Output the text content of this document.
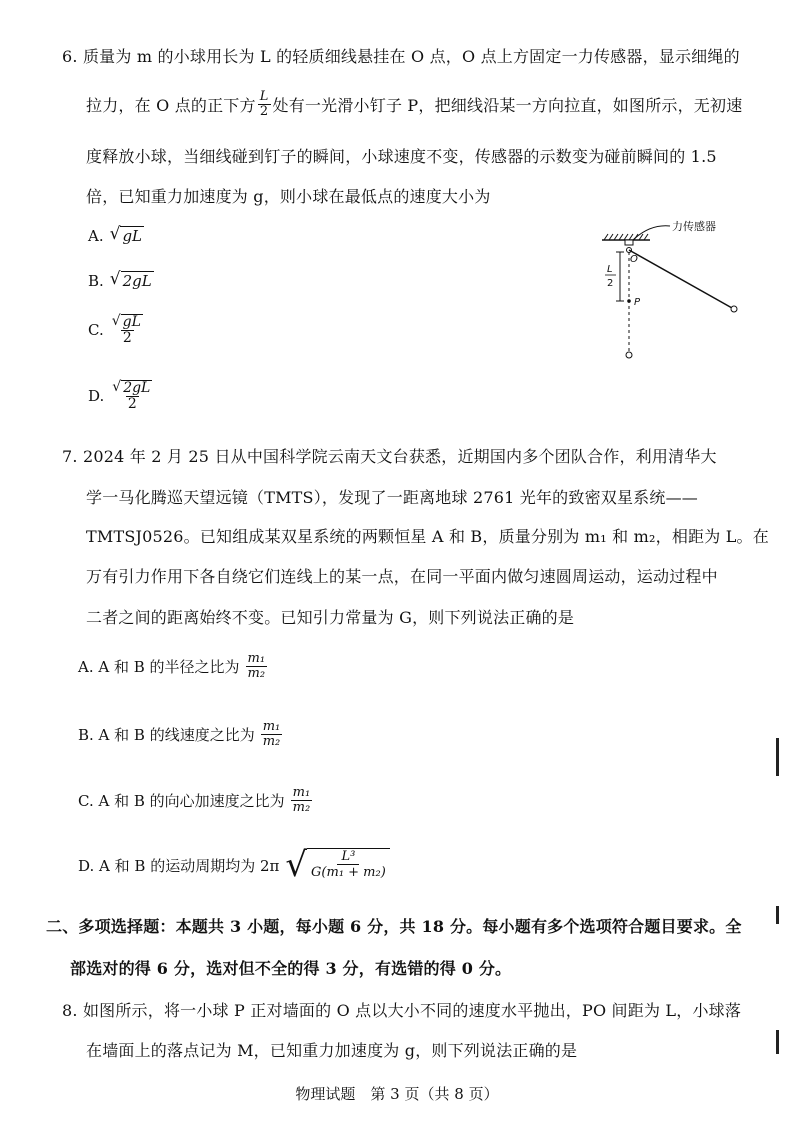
6. 质量为 m 的小球用长为 L 的轻质细线悬挂在 O 点，O 点上方固定一力传感器，显示细绳的
拉力，在 O 点的正下方 $\frac{L}{2}$ 处有一光滑小钉子 P，把细线沿某一方向拉直，如图所示，无初速
度释放小球，当细线碰到钉子的瞬间，小球速度不变，传感器的示数变为碰前瞬间的 1.5
倍，已知重力加速度为 g，则小球在最低点的速度大小为
A. √ gL
B. √ 2gL
C. $\frac{√ gL}{2}$
D. $\frac{√ 2gL}{2}$
力传感器
O
P
L
2
7. 2024 年 2 月 25 日从中国科学院云南天文台获悉，近期国内多个团队合作，利用清华大
学一马化腾巡天望远镜（TMTS），发现了一距离地球 2761 光年的致密双星系统——
TMTSJ0526。已知组成某双星系统的两颗恒星 A 和 B，质量分别为 m₁ 和 m₂，相距为 L。在
万有引力作用下各自绕它们连线上的某一点，在同一平面内做匀速圆周运动，运动过程中
二者之间的距离始终不变。已知引力常量为 G，则下列说法正确的是
A. A 和 B 的半径之比为 $\frac{\text{m₁}}{\text{m₂}}$
B. A 和 B 的线速度之比为 $\frac{\text{m₁}}{\text{m₂}}$
C. A 和 B 的向心加速度之比为 $\frac{\text{m₁}}{\text{m₂}}$
D. A 和 B 的运动周期均为 2π √ $\frac{\text{L³}}{\text{G(m₁ + m₂)}}$
二、多项选择题：本题共 3 小题，每小题 6 分，共 18 分。每小题有多个选项符合题目要求。全
部选对的得 6 分，选对但不全的得 3 分，有选错的得 0 分。
8. 如图所示，将一小球 P 正对墙面的 O 点以大小不同的速度水平抛出，PO 间距为 L，小球落
在墙面上的落点记为 M，已知重力加速度为 g，则下列说法正确的是
物理试题　第 3 页（共 8 页）
